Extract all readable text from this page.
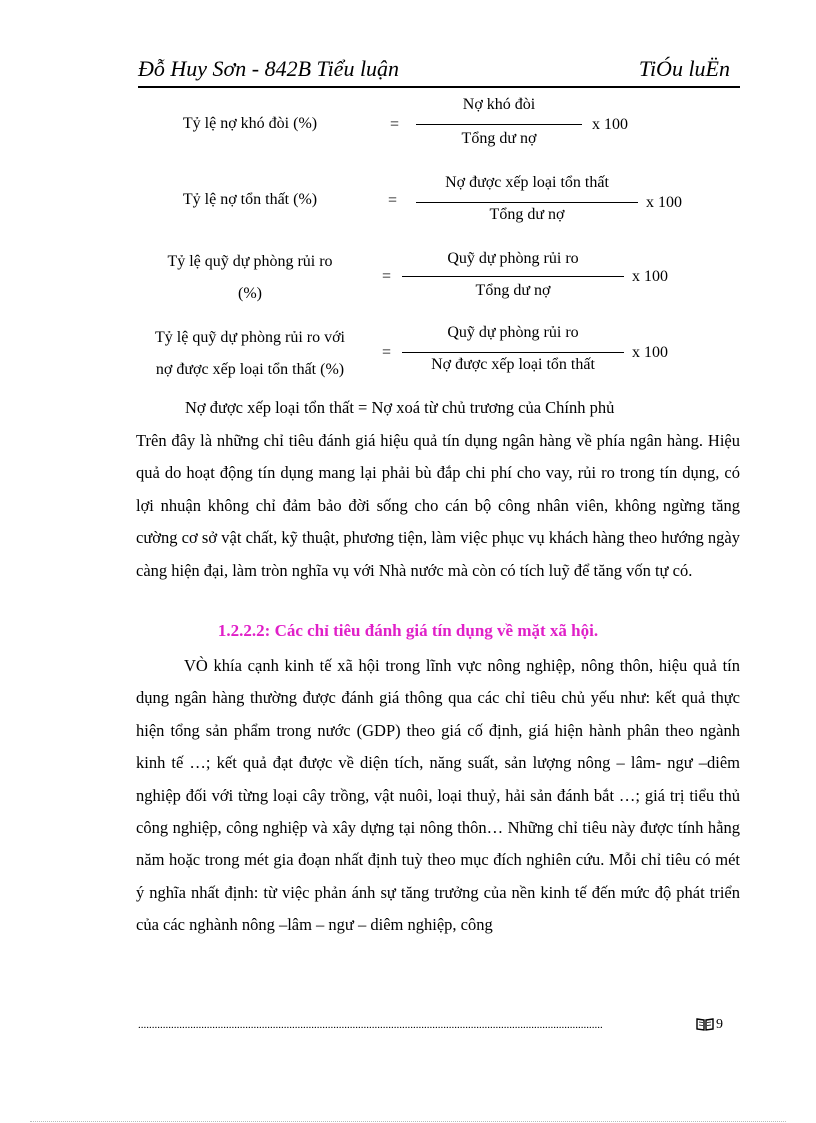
Đỗ Huy Sơn - 842B Tiểu luận	TiÓu luËn
Tỷ lệ nợ khó đòi (%)	=
Nợ khó đòi
Tổng dư nợ
x 100
Tỷ lệ nợ tổn thất (%)	=
Nợ được xếp loại tổn thất
Tổng dư nợ
x 100
Tỷ lệ quỹ dự phòng rủi ro
(%)
=
Quỹ dự phòng rủi ro
Tổng dư nợ
x 100
Tỷ lệ quỹ dự phòng rủi ro với
nợ được xếp loại tổn thất (%)
=
Quỹ dự phòng rủi ro
Nợ được xếp loại tổn thất
x 100
Nợ được xếp loại tổn thất = Nợ xoá từ chủ trương của Chính phủ

Trên đây là những chỉ tiêu đánh giá hiệu quả tín dụng ngân hàng về phía ngân hàng. Hiệu quả do hoạt động tín dụng mang lại phải bù đắp chi phí cho vay, rủi ro trong tín dụng, có lợi nhuận không chỉ đảm bảo đời sống cho cán bộ công nhân viên, không ngừng tăng cường cơ sở vật chất, kỹ thuật, phương tiện, làm việc phục vụ khách hàng theo hướng ngày càng hiện đại, làm tròn nghĩa vụ với Nhà nước mà còn có tích luỹ để tăng vốn tự có.

1.2.2.2: Các chỉ tiêu đánh giá tín dụng về mặt xã hội.

VÒ khía cạnh kinh tế xã hội trong lĩnh vực nông nghiệp, nông thôn, hiệu quả tín dụng ngân hàng thường được đánh giá thông qua các chỉ tiêu chủ yếu như: kết quả thực hiện tổng sản phẩm trong nước (GDP) theo giá cố định, giá hiện hành phân theo ngành kinh tế …; kết quả đạt được về diện tích, năng suất, sản lượng nông – lâm- ngư –diêm nghiệp đối với từng loại cây trồng, vật nuôi, loại thuỷ, hải sản đánh bắt …; giá trị tiểu thủ công nghiệp, công nghiệp và xây dựng tại nông thôn… Những chỉ tiêu này được tính hằng năm hoặc trong mét gia đoạn nhất định tuỳ theo mục đích nghiên cứu. Mỗi chỉ tiêu có mét ý nghĩa nhất định: từ việc phản ánh sự tăng trưởng của nền kinh tế đến mức độ phát triển của các nghành nông –lâm – ngư – diêm nghiệp, công

.........................................................................................................................................................................	9
